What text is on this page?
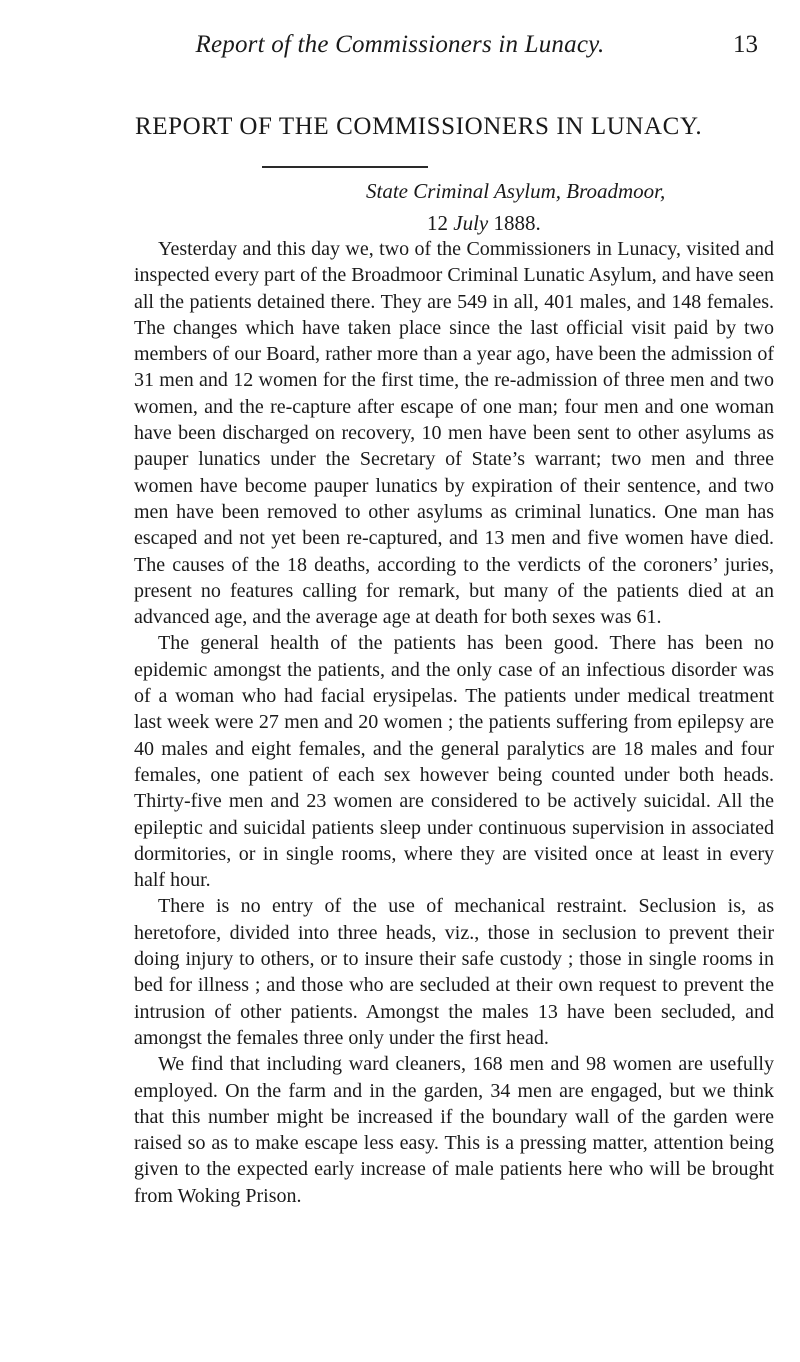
Report of the Commissioners in Lunacy.	13
REPORT OF THE COMMISSIONERS IN LUNACY.
State Criminal Asylum, Broadmoor,
12 July 1888.

Yesterday and this day we, two of the Commissioners in Lunacy, visited and inspected every part of the Broadmoor Criminal Lunatic Asylum, and have seen all the patients detained there. They are 549 in all, 401 males, and 148 females. The changes which have taken place since the last official visit paid by two members of our Board, rather more than a year ago, have been the admission of 31 men and 12 women for the first time, the re-admission of three men and two women, and the re-capture after escape of one man; four men and one woman have been discharged on recovery, 10 men have been sent to other asylums as pauper lunatics under the Secretary of State’s warrant; two men and three women have become pauper lunatics by expiration of their sentence, and two men have been removed to other asylums as criminal lunatics. One man has escaped and not yet been re-captured, and 13 men and five women have died. The causes of the 18 deaths, according to the verdicts of the coroners’ juries, present no features calling for remark, but many of the patients died at an advanced age, and the average age at death for both sexes was 61.

The general health of the patients has been good. There has been no epidemic amongst the patients, and the only case of an infectious disorder was of a woman who had facial erysipelas. The patients under medical treatment last week were 27 men and 20 women ; the patients suffering from epilepsy are 40 males and eight females, and the general paralytics are 18 males and four females, one patient of each sex however being counted under both heads. Thirty-five men and 23 women are considered to be actively suicidal. All the epileptic and suicidal patients sleep under continuous supervision in associated dormitories, or in single rooms, where they are visited once at least in every half hour.

There is no entry of the use of mechanical restraint. Seclusion is, as heretofore, divided into three heads, viz., those in seclusion to prevent their doing injury to others, or to insure their safe custody ; those in single rooms in bed for illness ; and those who are secluded at their own request to prevent the intrusion of other patients. Amongst the males 13 have been secluded, and amongst the females three only under the first head.

We find that including ward cleaners, 168 men and 98 women are usefully employed. On the farm and in the garden, 34 men are engaged, but we think that this number might be increased if the boundary wall of the garden were raised so as to make escape less easy. This is a pressing matter, attention being given to the expected early increase of male patients here who will be brought from Woking Prison.
